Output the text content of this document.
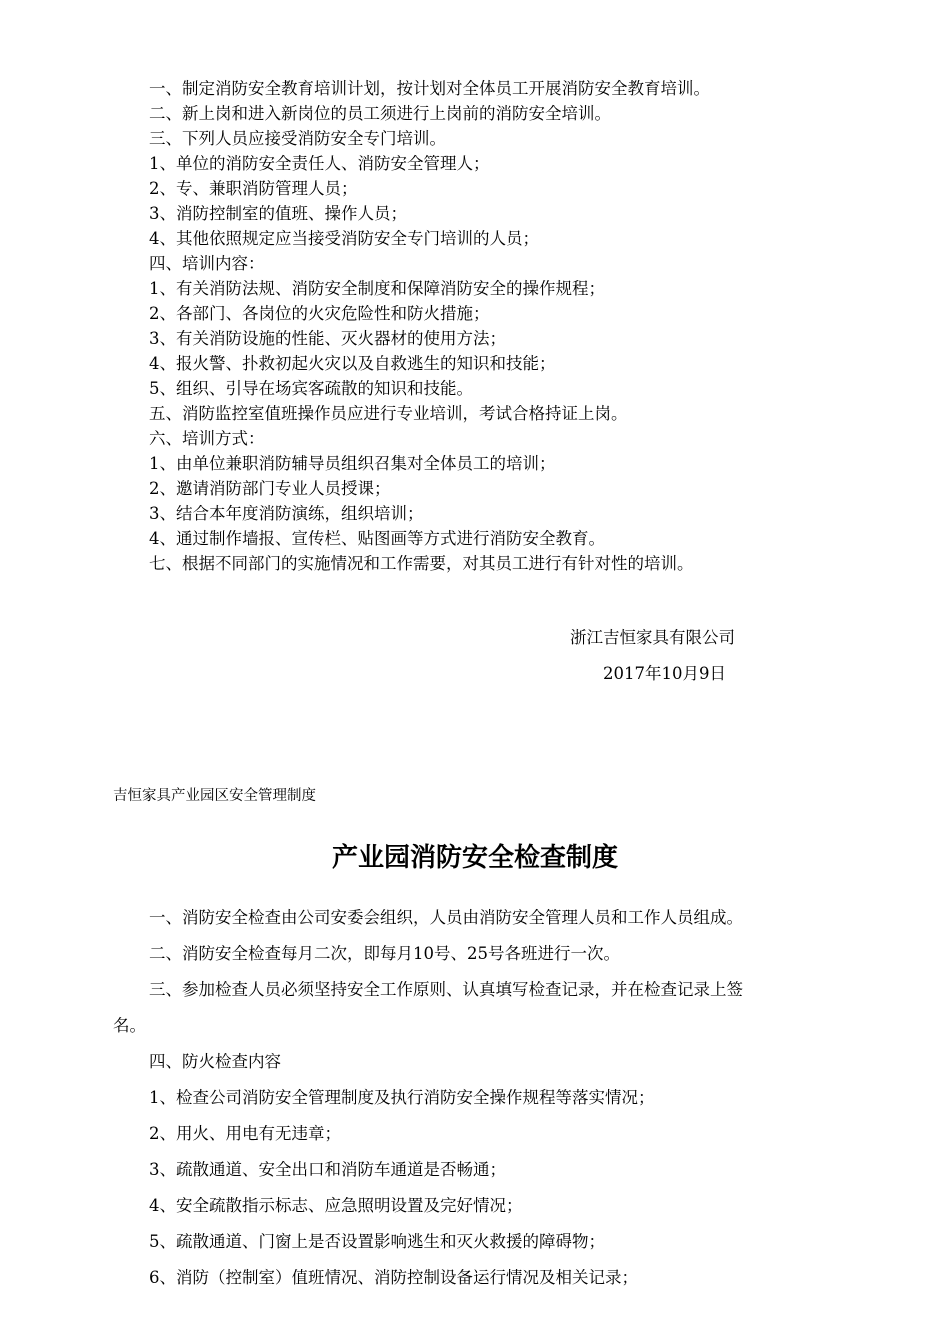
一、制定消防安全教育培训计划，按计划对全体员工开展消防安全教育培训。
二、新上岗和进入新岗位的员工须进行上岗前的消防安全培训。
三、下列人员应接受消防安全专门培训。
1、单位的消防安全责任人、消防安全管理人；
2、专、兼职消防管理人员；
3、消防控制室的值班、操作人员；
4、其他依照规定应当接受消防安全专门培训的人员；
四、培训内容：
1、有关消防法规、消防安全制度和保障消防安全的操作规程；
2、各部门、各岗位的火灾危险性和防火措施；
3、有关消防设施的性能、灭火器材的使用方法；
4、报火警、扑救初起火灾以及自救逃生的知识和技能；
5、组织、引导在场宾客疏散的知识和技能。
五、消防监控室值班操作员应进行专业培训，考试合格持证上岗。
六、培训方式：
1、由单位兼职消防辅导员组织召集对全体员工的培训；
2、邀请消防部门专业人员授课；
3、结合本年度消防演练，组织培训；
4、通过制作墙报、宣传栏、贴图画等方式进行消防安全教育。
七、根据不同部门的实施情况和工作需要，对其员工进行有针对性的培训。
浙江吉恒家具有限公司
2017年10月9日
吉恒家具产业园区安全管理制度
产业园消防安全检查制度
一、消防安全检查由公司安委会组织，人员由消防安全管理人员和工作人员组成。
二、消防安全检查每月二次，即每月10号、25号各班进行一次。
三、参加检查人员必须坚持安全工作原则、认真填写检查记录，并在检查记录上签
名。
四、防火检查内容
1、检查公司消防安全管理制度及执行消防安全操作规程等落实情况；
2、用火、用电有无违章；
3、疏散通道、安全出口和消防车通道是否畅通；
4、安全疏散指示标志、应急照明设置及完好情况；
5、疏散通道、门窗上是否设置影响逃生和灭火救援的障碍物；
6、消防（控制室）值班情况、消防控制设备运行情况及相关记录；
